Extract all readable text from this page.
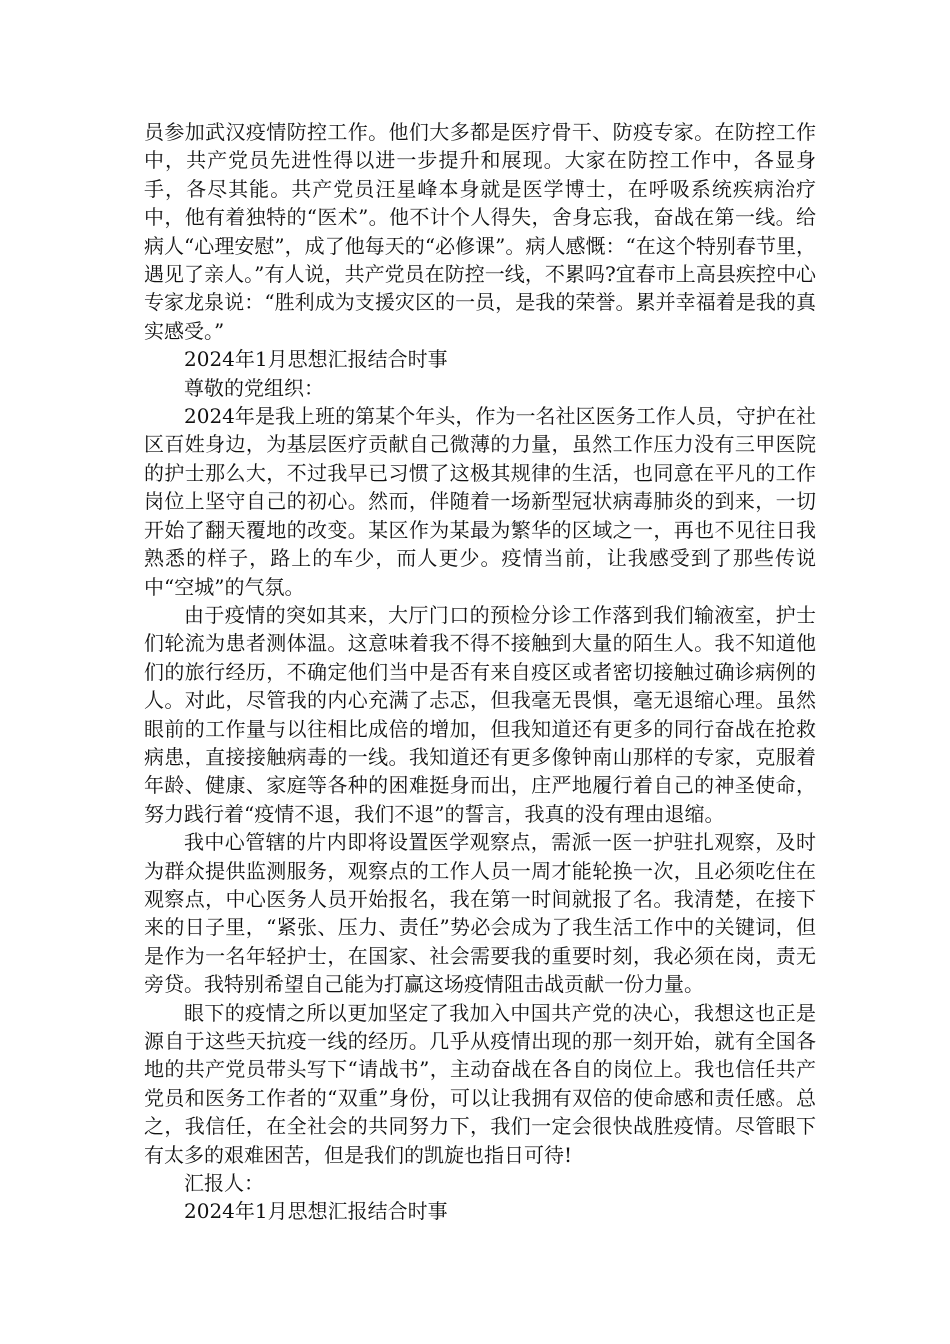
员参加武汉疫情防控工作。他们大多都是医疗骨干、防疫专家。在防控工作中，共产党员先进性得以进一步提升和展现。大家在防控工作中，各显身手，各尽其能。共产党员汪星峰本身就是医学博士，在呼吸系统疾病治疗中，他有着独特的“医术”。他不计个人得失，舍身忘我，奋战在第一线。给病人“心理安慰”，成了他每天的“必修课”。病人感慨：“在这个特别春节里，遇见了亲人。”有人说，共产党员在防控一线，不累吗?宜春市上高县疾控中心专家龙泉说：“胜利成为支援灾区的一员，是我的荣誉。累并幸福着是我的真实感受。”

2024年1月思想汇报结合时事

尊敬的党组织：

2024年是我上班的第某个年头，作为一名社区医务工作人员，守护在社区百姓身边，为基层医疗贡献自己微薄的力量，虽然工作压力没有三甲医院的护士那么大，不过我早已习惯了这极其规律的生活，也同意在平凡的工作岗位上坚守自己的初心。然而，伴随着一场新型冠状病毒肺炎的到来，一切开始了翻天覆地的改变。某区作为某最为繁华的区域之一，再也不见往日我熟悉的样子，路上的车少，而人更少。疫情当前，让我感受到了那些传说中“空城”的气氛。

由于疫情的突如其来，大厅门口的预检分诊工作落到我们输液室，护士们轮流为患者测体温。这意味着我不得不接触到大量的陌生人。我不知道他们的旅行经历，不确定他们当中是否有来自疫区或者密切接触过确诊病例的人。对此，尽管我的内心充满了忐忑，但我毫无畏惧，毫无退缩心理。虽然眼前的工作量与以往相比成倍的增加，但我知道还有更多的同行奋战在抢救病患，直接接触病毒的一线。我知道还有更多像钟南山那样的专家，克服着年龄、健康、家庭等各种的困难挺身而出，庄严地履行着自己的神圣使命，努力践行着“疫情不退，我们不退”的誓言，我真的没有理由退缩。

我中心管辖的片内即将设置医学观察点，需派一医一护驻扎观察，及时为群众提供监测服务，观察点的工作人员一周才能轮换一次，且必须吃住在观察点，中心医务人员开始报名，我在第一时间就报了名。我清楚，在接下来的日子里，“紧张、压力、责任”势必会成为了我生活工作中的关键词，但是作为一名年轻护士，在国家、社会需要我的重要时刻，我必须在岗，责无旁贷。我特别希望自己能为打赢这场疫情阻击战贡献一份力量。

眼下的疫情之所以更加坚定了我加入中国共产党的决心，我想这也正是源自于这些天抗疫一线的经历。几乎从疫情出现的那一刻开始，就有全国各地的共产党员带头写下“请战书”，主动奋战在各自的岗位上。我也信任共产党员和医务工作者的“双重”身份，可以让我拥有双倍的使命感和责任感。总之，我信任，在全社会的共同努力下，我们一定会很快战胜疫情。尽管眼下有太多的艰难困苦，但是我们的凯旋也指日可待!

汇报人：

2024年1月思想汇报结合时事
